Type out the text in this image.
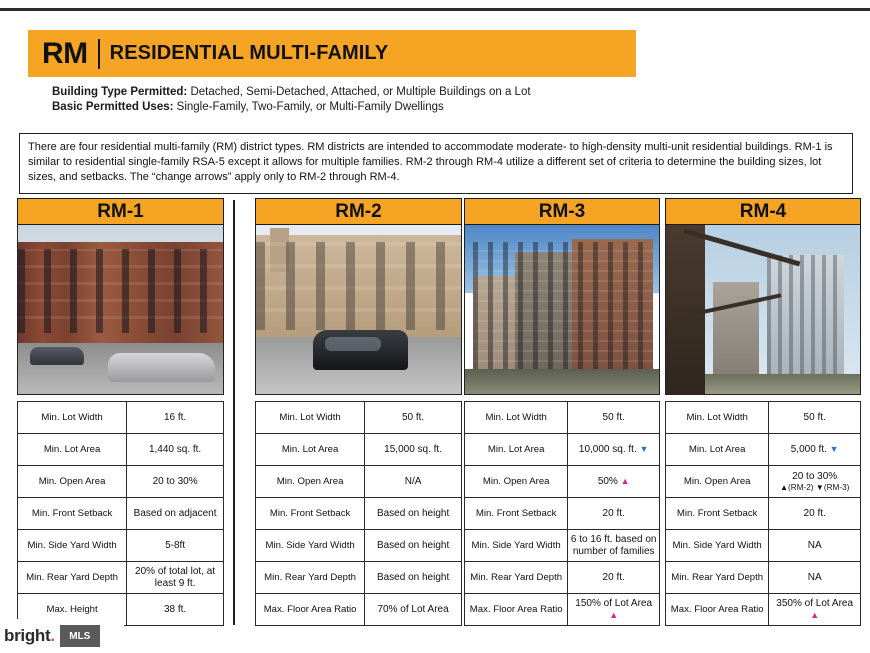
RM RESIDENTIAL MULTI-FAMILY
Building Type Permitted: Detached, Semi-Detached, Attached, or Multiple Buildings on a Lot
Basic Permitted Uses: Single-Family, Two-Family, or Multi-Family Dwellings

There are four residential multi-family (RM) district types. RM districts are intended to accommodate moderate- to high-density multi-unit residential buildings. RM-1 is similar to residential single-family RSA-5 except it allows for multiple families. RM-2 through RM-4 utilize a different set of criteria to determine the building sizes, lot sizes, and setbacks. The “change arrows” apply only to RM-2 through RM-4.

RM-1
Min. Lot Width	16 ft.
Min. Lot Area	1,440 sq. ft.
Min. Open Area	20 to 30%
Min. Front Setback	Based on adjacent
Min. Side Yard Width	5-8ft
Min. Rear Yard Depth	20% of total lot, at least 9 ft.
Max. Height	38 ft.
RM-2
Min. Lot Width	50 ft.
Min. Lot Area	15,000 sq. ft.
Min. Open Area	N/A
Min. Front Setback	Based on height
Min. Side Yard Width	Based on height
Min. Rear Yard Depth	Based on height
Max. Floor Area Ratio	70% of Lot Area
RM-3
Min. Lot Width	50 ft.
Min. Lot Area	10,000 sq. ft. ▼
Min. Open Area	50% ▲
Min. Front Setback	20 ft.
Min. Side Yard Width	6 to 16 ft. based on number of families
Min. Rear Yard Depth	20 ft.
Max. Floor Area Ratio	150% of Lot Area ▲
RM-4
Min. Lot Width	50 ft.
Min. Lot Area	5,000 ft. ▼
Min. Open Area	20 to 30%
▲(RM-2) ▼(RM-3)

Min. Front Setback	20 ft.
Min. Side Yard Width	NA
Min. Rear Yard Depth	NA
Max. Floor Area Ratio	350% of Lot Area ▲
bright.	MLS
